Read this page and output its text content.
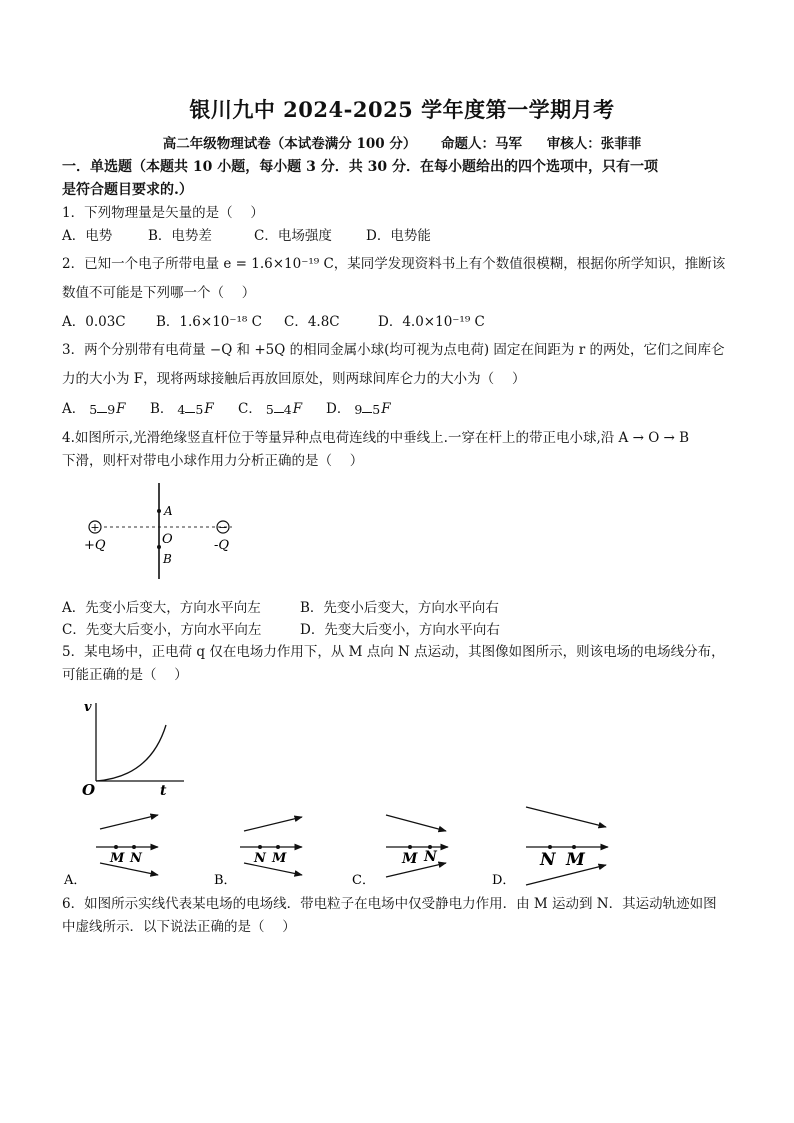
银川九中 2024-2025 学年度第一学期月考
高二年级物理试卷（本试卷满分 100 分） 命题人：马军 审核人：张菲菲

一．单选题（本题共 10 小题，每小题 3 分．共 30 分．在每小题给出的四个选项中，只有一项

是符合题目要求的.）

1．下列物理量是矢量的是（　 ）

A．电势	B．电势差	C．电场强度	D．电势能

2．已知一个电子所带电量 e = 1.6×10⁻¹⁹ C，某同学发现资料书上有个数值很模糊，根据你所学知识，推断该

数值不可能是下列哪一个（　 ）

A．0.03C	B．1.6×10⁻¹⁸ C	C．4.8C	D．4.0×10⁻¹⁹ C

3．两个分别带有电荷量 −Q 和 +5Q 的相同金属小球(均可视为点电荷) 固定在间距为 r 的两处，它们之间库仑

力的大小为 F，现将两球接触后再放回原处，则两球间库仑力的大小为（　 ）

A． 5 9F	B． 4 5F	C． 5 4F	D． 9 5F

4.如图所示,光滑绝缘竖直杆位于等量异种点电荷连线的中垂线上.一穿在杆上的带正电小球,沿 A → O → B

下滑，则杆对带电小球作用力分析正确的是（　 ）

+	−
+Q	-Q
O
A
B
A．先变小后变大，方向水平向左	B．先变小后变大，方向水平向右
C．先变大后变小，方向水平向左	D．先变大后变小，方向水平向右

5．某电场中，正电荷 q 仅在电场力作用下，从 M 点向 N 点运动，其图像如图所示，则该电场的电场线分布，

可能正确的是（　 ）

v
O	t
M N
A．
N M
B．
M N
C．
N M
D．

6．如图所示实线代表某电场的电场线．带电粒子在电场中仅受静电力作用．由 M 运动到 N．其运动轨迹如图

中虚线所示．以下说法正确的是（　 ）
